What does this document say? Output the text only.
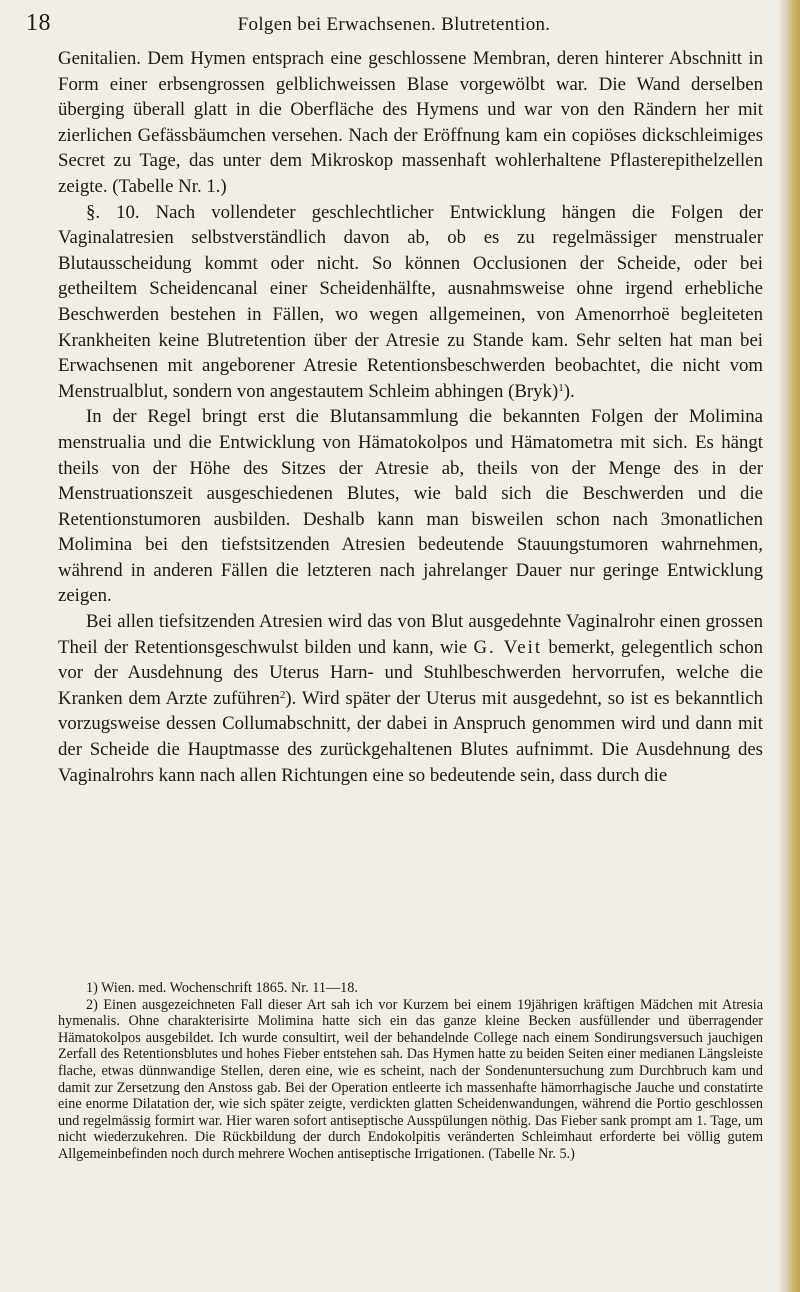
18	Folgen bei Erwachsenen. Blutretention.

Genitalien. Dem Hymen entsprach eine geschlossene Membran, deren hinterer Abschnitt in Form einer erbsengrossen gelblichweissen Blase vorgewölbt war. Die Wand derselben überging überall glatt in die Oberfläche des Hymens und war von den Rändern her mit zierlichen Gefässbäumchen versehen. Nach der Eröffnung kam ein copiöses dickschleimiges Secret zu Tage, das unter dem Mikroskop massenhaft wohlerhaltene Pflasterepithelzellen zeigte. (Tabelle Nr. 1.)

§. 10. Nach vollendeter geschlechtlicher Entwicklung hängen die Folgen der Vaginalatresien selbstverständlich davon ab, ob es zu regelmässiger menstrualer Blutausscheidung kommt oder nicht. So können Occlusionen der Scheide, oder bei getheiltem Scheidencanal einer Scheidenhälfte, ausnahmsweise ohne irgend erhebliche Beschwerden bestehen in Fällen, wo wegen allgemeinen, von Amenorrhoë begleiteten Krankheiten keine Blutretention über der Atresie zu Stande kam. Sehr selten hat man bei Erwachsenen mit angeborener Atresie Retentionsbeschwerden beobachtet, die nicht vom Menstrualblut, sondern von angestautem Schleim abhingen (Bryk)$^1$).

In der Regel bringt erst die Blutansammlung die bekannten Folgen der Molimina menstrualia und die Entwicklung von Hämatokolpos und Hämatometra mit sich. Es hängt theils von der Höhe des Sitzes der Atresie ab, theils von der Menge des in der Menstruationszeit ausgeschiedenen Blutes, wie bald sich die Beschwerden und die Retentionstumoren ausbilden. Deshalb kann man bisweilen schon nach 3monatlichen Molimina bei den tiefstsitzenden Atresien bedeutende Stauungstumoren wahrnehmen, während in anderen Fällen die letzteren nach jahrelanger Dauer nur geringe Entwicklung zeigen.

Bei allen tiefsitzenden Atresien wird das von Blut ausgedehnte Vaginalrohr einen grossen Theil der Retentionsgeschwulst bilden und kann, wie G. Veit bemerkt, gelegentlich schon vor der Ausdehnung des Uterus Harn- und Stuhlbeschwerden hervorrufen, welche die Kranken dem Arzte zuführen$^2$). Wird später der Uterus mit ausgedehnt, so ist es bekanntlich vorzugsweise dessen Collumabschnitt, der dabei in Anspruch genommen wird und dann mit der Scheide die Hauptmasse des zurückgehaltenen Blutes aufnimmt. Die Ausdehnung des Vaginalrohrs kann nach allen Richtungen eine so bedeutende sein, dass durch die

1) Wien. med. Wochenschrift 1865. Nr. 11—18.

2) Einen ausgezeichneten Fall dieser Art sah ich vor Kurzem bei einem 19jährigen kräftigen Mädchen mit Atresia hymenalis. Ohne charakterisirte Molimina hatte sich ein das ganze kleine Becken ausfüllender und überragender Hämatokolpos ausgebildet. Ich wurde consultirt, weil der behandelnde College nach einem Sondirungsversuch jauchigen Zerfall des Retentionsblutes und hohes Fieber entstehen sah. Das Hymen hatte zu beiden Seiten einer medianen Längsleiste flache, etwas dünnwandige Stellen, deren eine, wie es scheint, nach der Sondenuntersuchung zum Durchbruch kam und damit zur Zersetzung den Anstoss gab. Bei der Operation entleerte ich massenhafte hämorrhagische Jauche und constatirte eine enorme Dilatation der, wie sich später zeigte, verdickten glatten Scheidenwandungen, während die Portio geschlossen und regelmässig formirt war. Hier waren sofort antiseptische Ausspülungen nöthig. Das Fieber sank prompt am 1. Tage, um nicht wiederzukehren. Die Rückbildung der durch Endokolpitis veränderten Schleimhaut erforderte bei völlig gutem Allgemeinbefinden noch durch mehrere Wochen antiseptische Irrigationen. (Tabelle Nr. 5.)
